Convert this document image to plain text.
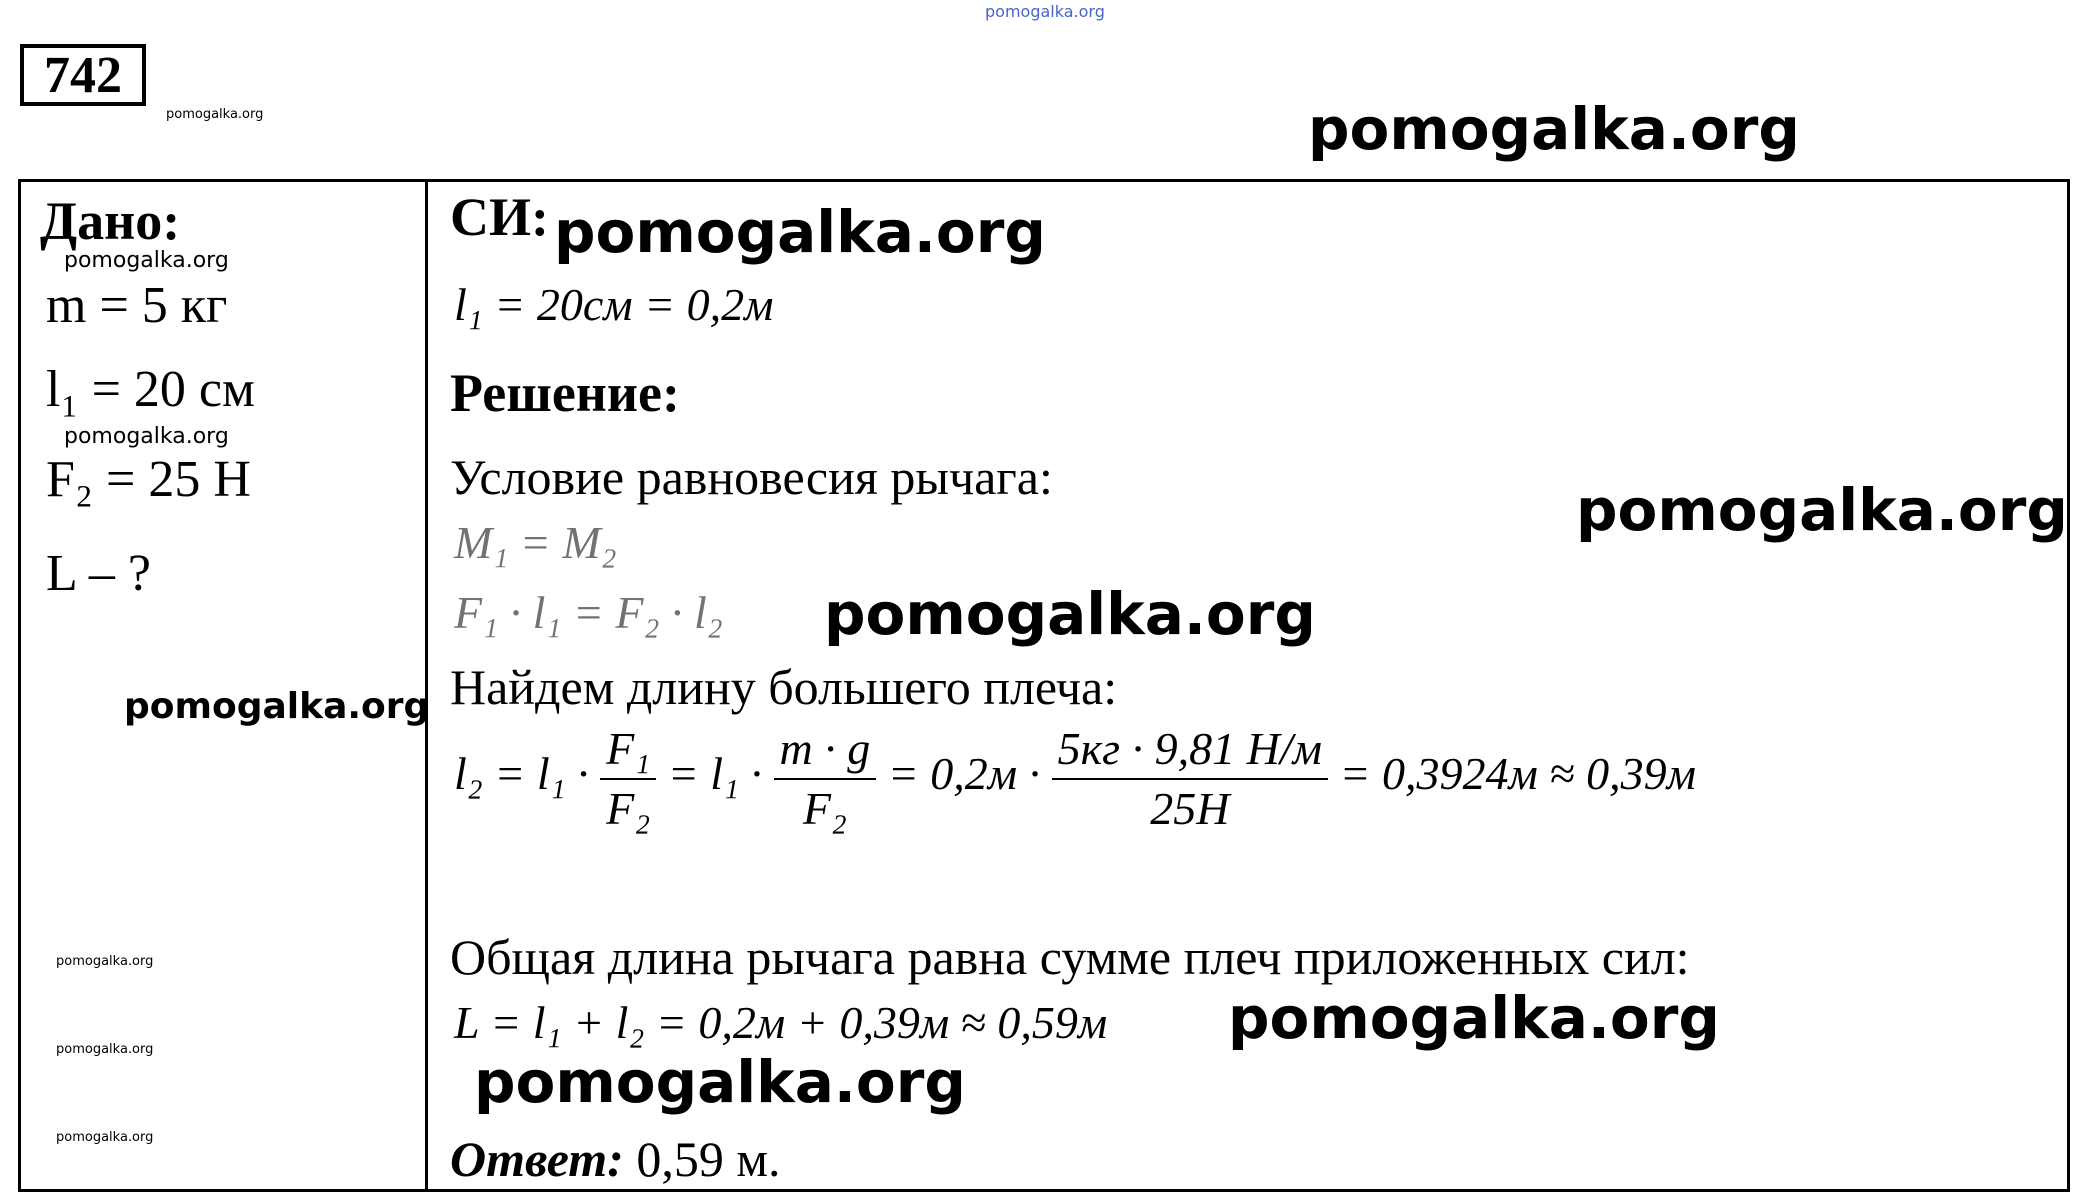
pomogalka.org
pomogalka.org
pomogalka.org
742
Дано:
pomogalka.org
m = 5 кг
l₁ = 20 см
pomogalka.org
F₂ = 25 Н
L – ?
pomogalka.org
pomogalka.org
pomogalka.org
pomogalka.org
СИ: pomogalka.org
l₁ = 20см = 0,2м
Решение:
Условие равновесия рычага:	pomogalka.org
M₁ = M₂
F₁ · l₁ = F₂ · l₂ pomogalka.org
Найдем длину большего плеча:
$l_2 = l_1 \cdot \frac{\text{F₁}}{\text{F₂}} = l_1 \cdot \frac{m \cdot g}{\text{F₂}} = 0,2м \cdot \frac{5кг \cdot 9,81 Н/м}{25Н} = 0,3924м \approx 0,39м$
Общая длина рычага равна сумме плеч приложенных сил:
L = l₁ + l₂ = 0,2м + 0,39м ≈ 0,59м pomogalka.org
pomogalka.org
Ответ: 0,59 м.
